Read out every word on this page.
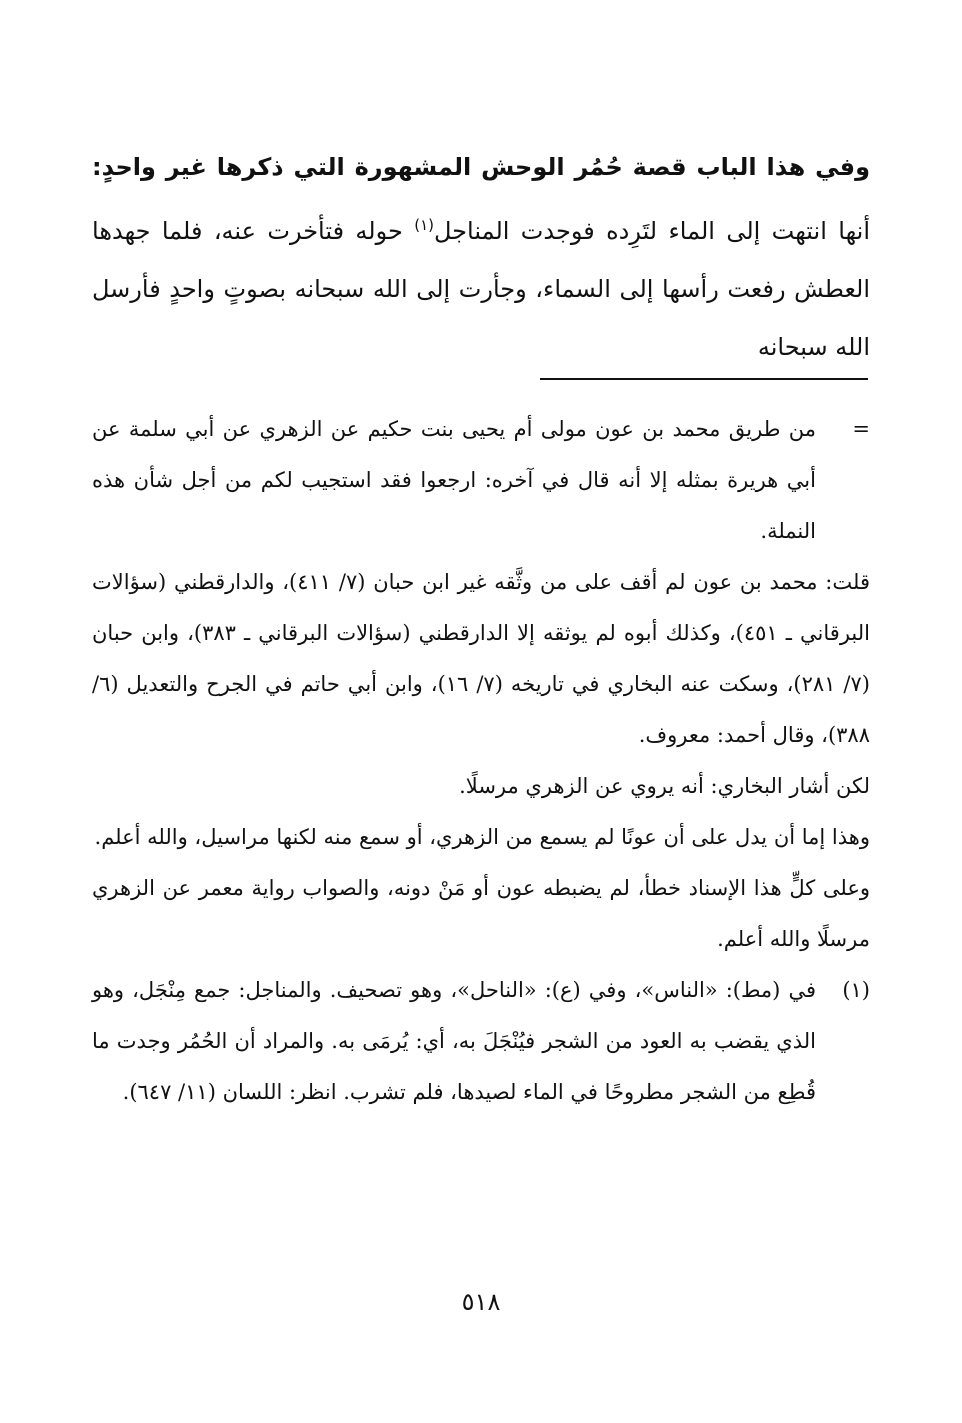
وفي هذا الباب قصة حُمُر الوحش المشهورة التي ذكرها غير واحدٍ: أنها انتهت إلى الماء لتَرِده فوجدت المناجل$^{(١)}$ حوله فتأخرت عنه، فلما جهدها العطش رفعت رأسها إلى السماء، وجأرت إلى الله سبحانه بصوتٍ واحدٍ فأرسل الله سبحانه

=
من طريق محمد بن عون مولى أم يحيى بنت حكيم عن الزهري عن أبي سلمة عن أبي هريرة بمثله إلا أنه قال في آخره: ارجعوا فقد استجيب لكم من أجل شأن هذه النملة.

قلت: محمد بن عون لم أقف على من وثَّقه غير ابن حبان (٧/ ٤١١)، والدارقطني (سؤالات البرقاني ـ ٤٥١)، وكذلك أبوه لم يوثقه إلا الدارقطني (سؤالات البرقاني ـ ٣٨٣)، وابن حبان (٧/ ٢٨١)، وسكت عنه البخاري في تاريخه (٧/ ١٦)، وابن أبي حاتم في الجرح والتعديل (٦/ ٣٨٨)، وقال أحمد: معروف.

لكن أشار البخاري: أنه يروي عن الزهري مرسلًا.

وهذا إما أن يدل على أن عونًا لم يسمع من الزهري، أو سمع منه لكنها مراسيل، والله أعلم.

وعلى كلٍّ هذا الإسناد خطأ، لم يضبطه عون أو مَنْ دونه، والصواب رواية معمر عن الزهري مرسلًا والله أعلم.

(١)
في (مط): «الناس»، وفي (ع): «الناحل»، وهو تصحيف. والمناجل: جمع مِنْجَل، وهو الذي يقضب به العود من الشجر فيُنْجَلَ به، أي: يُرمَى به. والمراد أن الحُمُر وجدت ما قُطِع من الشجر مطروحًا في الماء لصيدها، فلم تشرب. انظر: اللسان (١١/ ٦٤٧).

٥١٨
